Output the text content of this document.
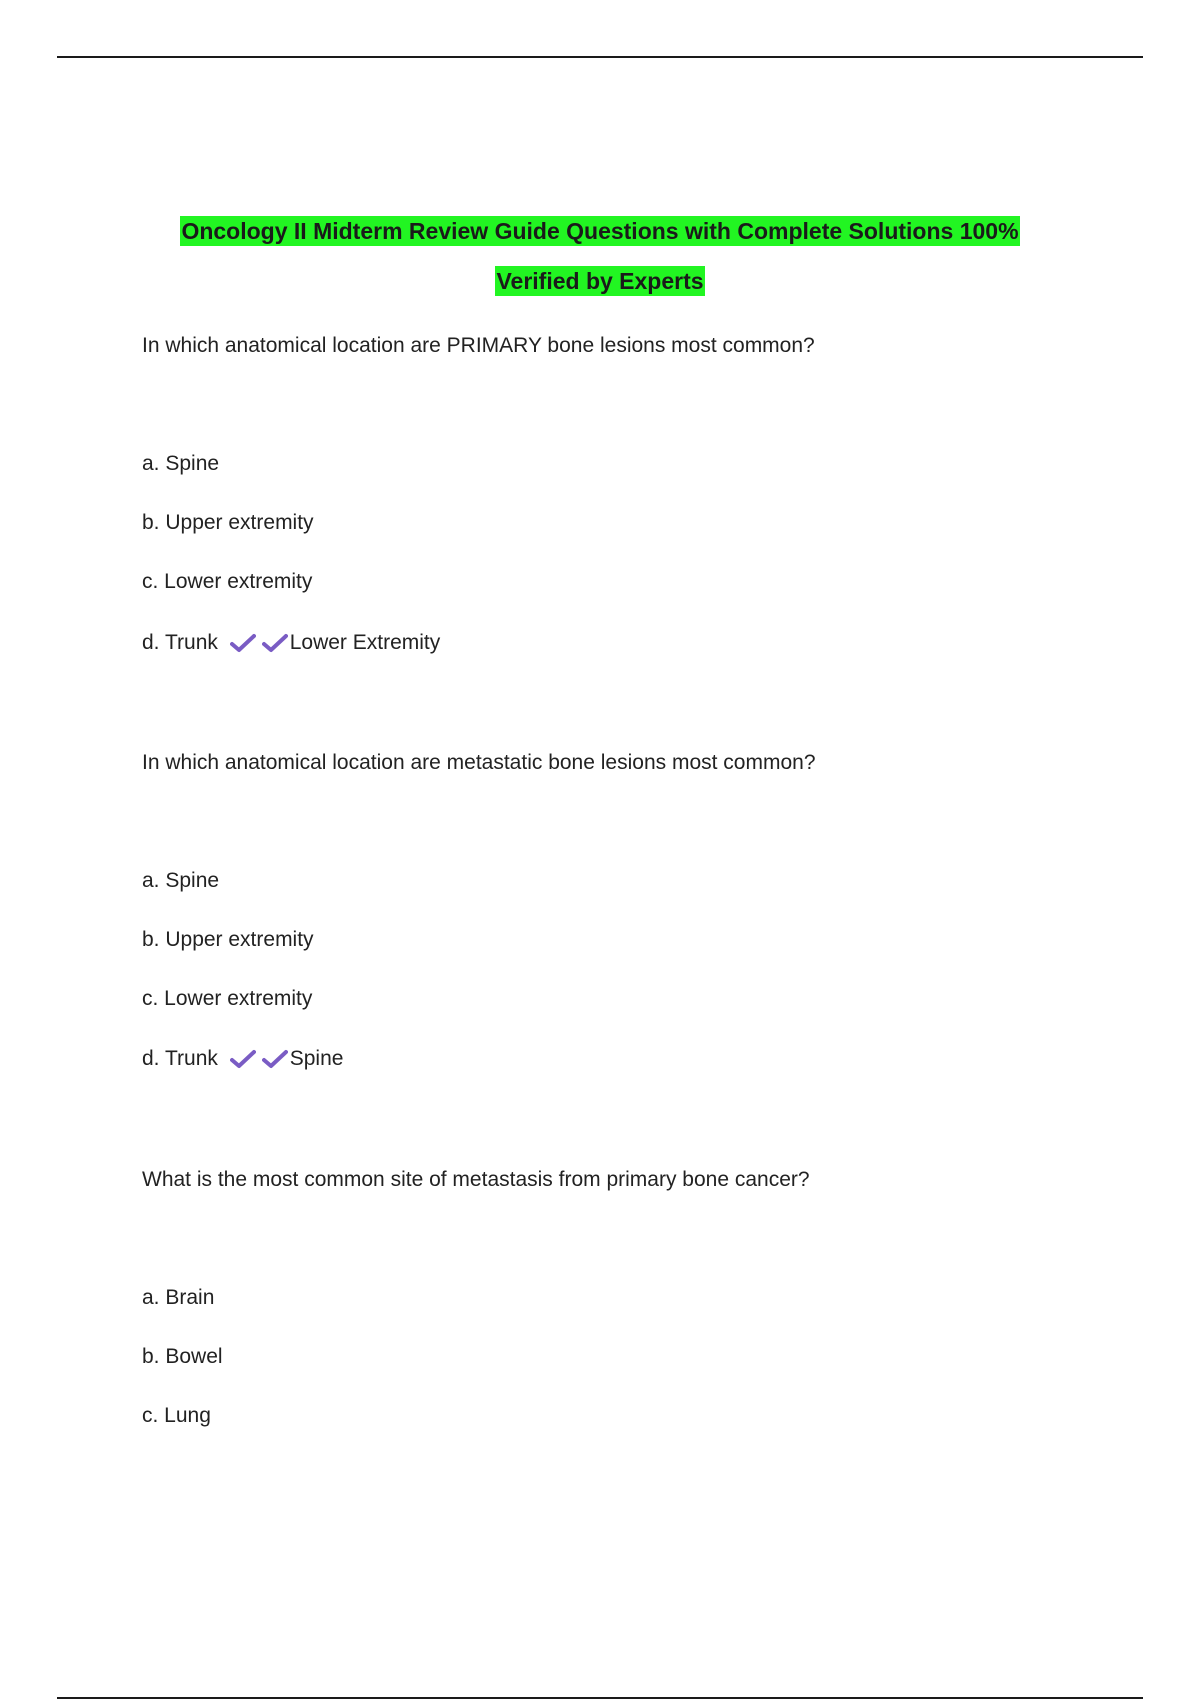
Oncology II Midterm Review Guide Questions with Complete Solutions 100%
Verified by Experts
In which anatomical location are PRIMARY bone lesions most common?
a. Spine
b. Upper extremity
c. Lower extremity
d. Trunk	Lower Extremity
In which anatomical location are metastatic bone lesions most common?
a. Spine
b. Upper extremity
c. Lower extremity
d. Trunk	Spine
What is the most common site of metastasis from primary bone cancer?
a. Brain
b. Bowel
c. Lung
